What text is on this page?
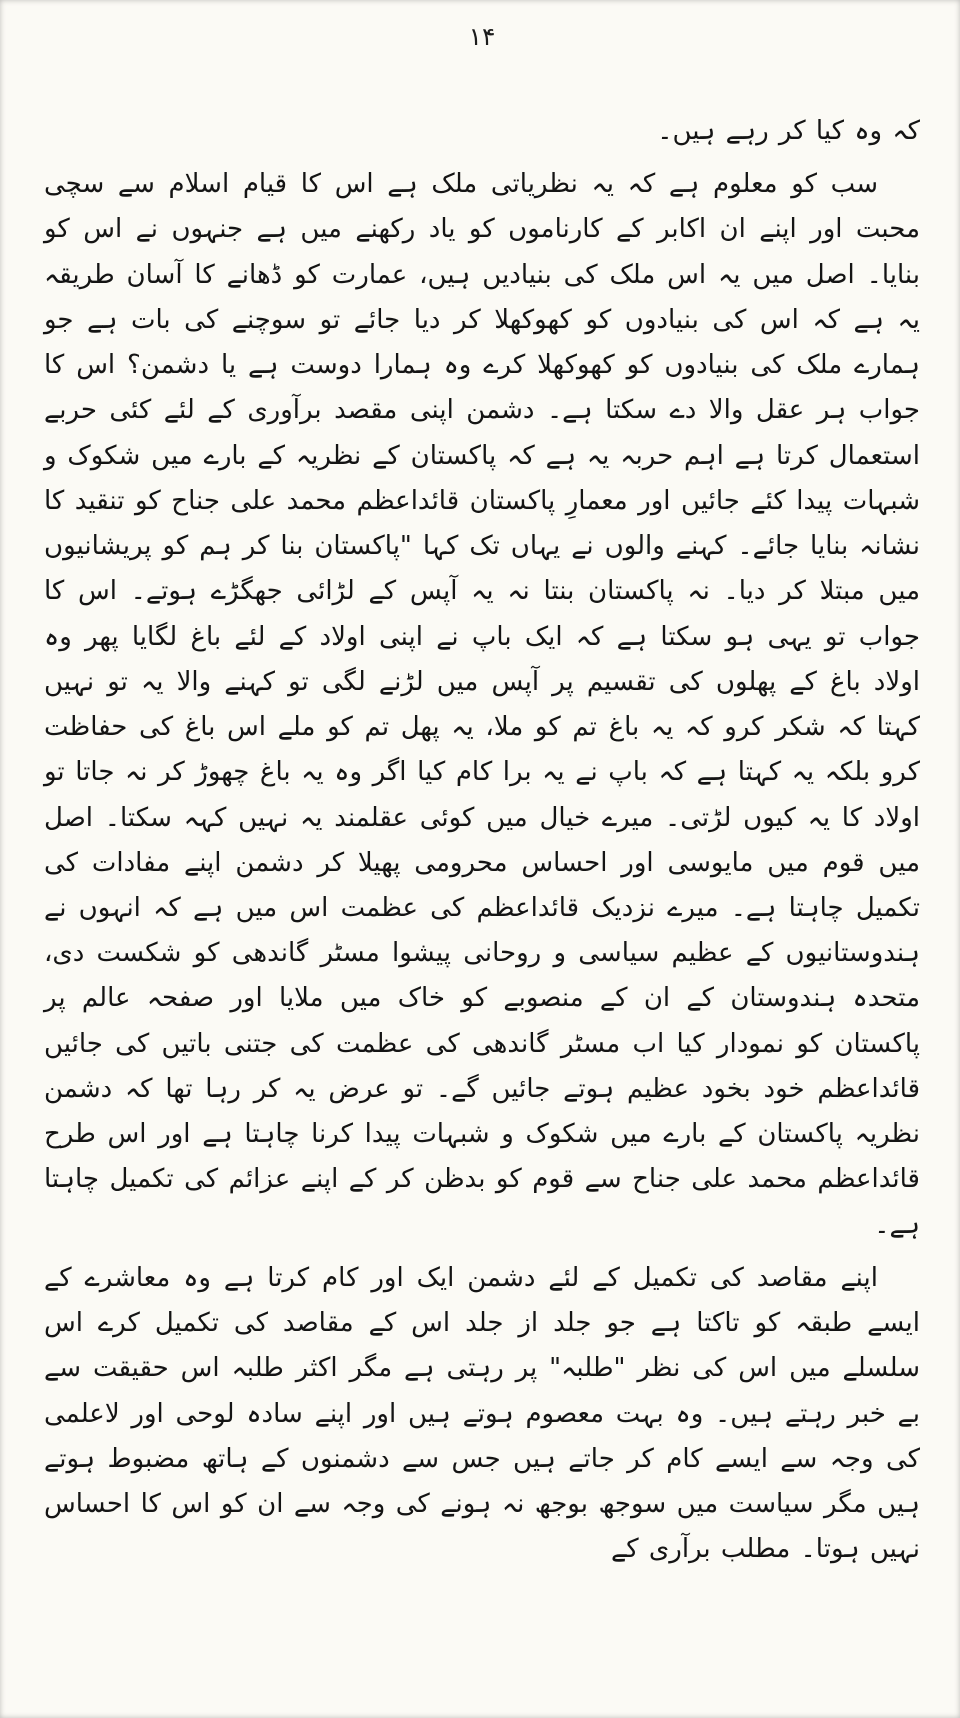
۱۴

کہ وہ کیا کر رہے ہیں۔

سب کو معلوم ہے کہ یہ نظریاتی ملک ہے اس کا قیام اسلام سے سچی محبت اور اپنے ان اکابر کے کارناموں کو یاد رکھنے میں ہے جنہوں نے اس کو بنایا۔ اصل میں یہ اس ملک کی بنیادیں ہیں، عمارت کو ڈھانے کا آسان طریقہ یہ ہے کہ اس کی بنیادوں کو کھوکھلا کر دیا جائے تو سوچنے کی بات ہے جو ہمارے ملک کی بنیادوں کو کھوکھلا کرے وہ ہمارا دوست ہے یا دشمن؟ اس کا جواب ہر عقل والا دے سکتا ہے۔ دشمن اپنی مقصد برآوری کے لئے کئی حربے استعمال کرتا ہے اہم حربہ یہ ہے کہ پاکستان کے نظریہ کے بارے میں شکوک و شبہات پیدا کئے جائیں اور معمارِ پاکستان قائداعظم محمد علی جناح کو تنقید کا نشانہ بنایا جائے۔ کہنے والوں نے یہاں تک کہا "پاکستان بنا کر ہم کو پریشانیوں میں مبتلا کر دیا۔ نہ پاکستان بنتا نہ یہ آپس کے لڑائی جھگڑے ہوتے۔ اس کا جواب تو یہی ہو سکتا ہے کہ ایک باپ نے اپنی اولاد کے لئے باغ لگایا پھر وہ اولاد باغ کے پھلوں کی تقسیم پر آپس میں لڑنے لگی تو کہنے والا یہ تو نہیں کہتا کہ شکر کرو کہ یہ باغ تم کو ملا، یہ پھل تم کو ملے اس باغ کی حفاظت کرو بلکہ یہ کہتا ہے کہ باپ نے یہ برا کام کیا اگر وہ یہ باغ چھوڑ کر نہ جاتا تو اولاد کا یہ کیوں لڑتی۔ میرے خیال میں کوئی عقلمند یہ نہیں کہہ سکتا۔ اصل میں قوم میں مایوسی اور احساس محرومی پھیلا کر دشمن اپنے مفادات کی تکمیل چاہتا ہے۔ میرے نزدیک قائداعظم کی عظمت اس میں ہے کہ انہوں نے ہندوستانیوں کے عظیم سیاسی و روحانی پیشوا مسٹر گاندھی کو شکست دی، متحدہ ہندوستان کے ان کے منصوبے کو خاک میں ملایا اور صفحہ عالم پر پاکستان کو نمودار کیا اب مسٹر گاندھی کی عظمت کی جتنی باتیں کی جائیں قائداعظم خود بخود عظیم ہوتے جائیں گے۔ تو عرض یہ کر رہا تھا کہ دشمن نظریہ پاکستان کے بارے میں شکوک و شبہات پیدا کرنا چاہتا ہے اور اس طرح قائداعظم محمد علی جناح سے قوم کو بدظن کر کے اپنے عزائم کی تکمیل چاہتا ہے۔

اپنے مقاصد کی تکمیل کے لئے دشمن ایک اور کام کرتا ہے وہ معاشرے کے ایسے طبقہ کو تاکتا ہے جو جلد از جلد اس کے مقاصد کی تکمیل کرے اس سلسلے میں اس کی نظر "طلبہ" پر رہتی ہے مگر اکثر طلبہ اس حقیقت سے بے خبر رہتے ہیں۔ وہ بہت معصوم ہوتے ہیں اور اپنے سادہ لوحی اور لاعلمی کی وجہ سے ایسے کام کر جاتے ہیں جس سے دشمنوں کے ہاتھ مضبوط ہوتے ہیں مگر سیاست میں سوجھ بوجھ نہ ہونے کی وجہ سے ان کو اس کا احساس نہیں ہوتا۔ مطلب برآری کے
